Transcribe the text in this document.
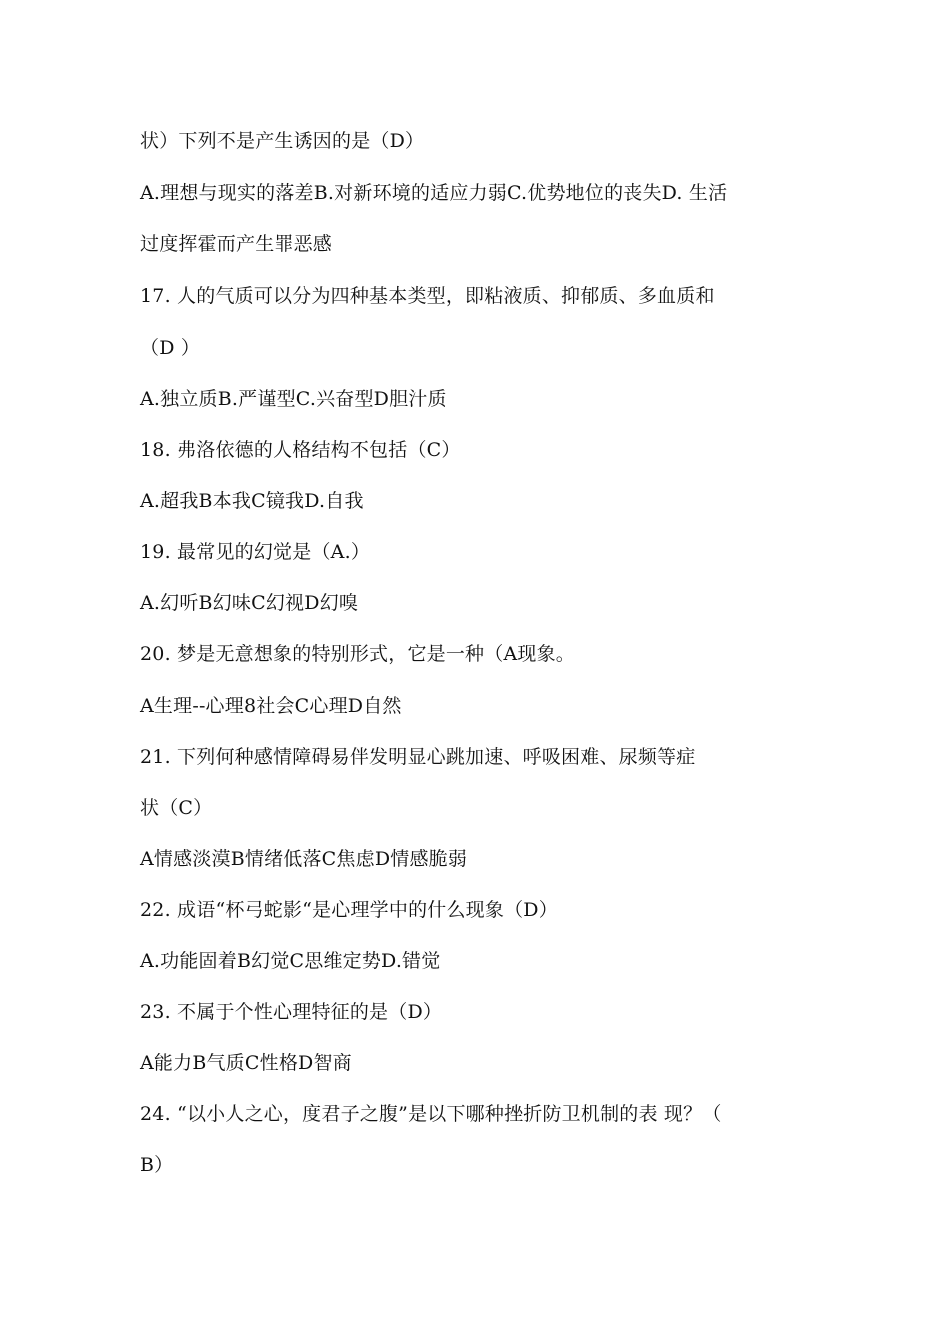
状）下列不是产生诱因的是（D）
A.理想与现实的落差B.对新环境的适应力弱C.优势地位的丧失D. 生活
过度挥霍而产生罪恶感
17. 人的气质可以分为四种基本类型，即粘液质、抑郁质、多血质和
（D ）
A.独立质B.严谨型C.兴奋型D胆汁质
18. 弗洛依德的人格结构不包括（C）
A.超我B本我C镜我D.自我
19. 最常见的幻觉是（A.）
A.幻听B幻味C幻视D幻嗅
20. 梦是无意想象的特别形式，它是一种（A现象。
A生理--心理8社会C心理D自然
21. 下列何种感情障碍易伴发明显心跳加速、呼吸困难、尿频等症
状（C）
A情感淡漠B情绪低落C焦虑D情感脆弱
22. 成语“杯弓蛇影“是心理学中的什么现象（D）
A.功能固着B幻觉C思维定势D.错觉
23. 不属于个性心理特征的是（D）
A能力B气质C性格D智商
24. “以小人之心，度君子之腹”是以下哪种挫折防卫机制的表 现？（
B）
